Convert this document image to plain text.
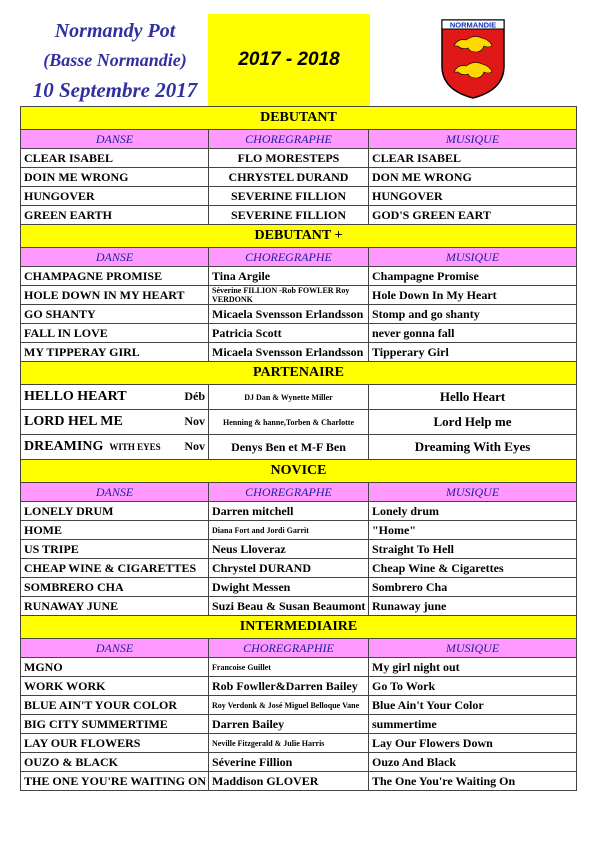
Normandy Pot
(Basse Normandie)
10 Septembre 2017
2017 - 2018
NORMANDIE
DEBUTANT		
DANSE	CHOREGRAPHE	MUSIQUE
CLEAR ISABEL	FLO MORESTEPS	CLEAR ISABEL
DOIN ME WRONG	CHRYSTEL DURAND	DON ME WRONG
HUNGOVER	SEVERINE FILLION	HUNGOVER
GREEN EARTH	SEVERINE FILLION	GOD'S GREEN EART
DEBUTANT +		
DANSE	CHOREGRAPHE	MUSIQUE
CHAMPAGNE PROMISE	Tina Argile	Champagne Promise
HOLE DOWN IN MY HEART	Séverine FILLION -Rob FOWLER Roy VERDONK	Hole Down In My Heart
GO SHANTY	Micaela Svensson Erlandsson	Stomp and go shanty
FALL IN LOVE	Patricia Scott	never gonna fall
MY TIPPERAY GIRL	Micaela Svensson Erlandsson	Tipperary Girl
PARTENAIRE		
HELLO HEART Déb	DJ Dan & Wynette Miller	Hello Heart
LORD HEL ME Nov	Henning & hanne,Torben & Charlotte	Lord Help me
DREAMING WITH EYES Nov	Denys Ben et M-F Ben	Dreaming With Eyes
NOVICE		
DANSE	CHOREGRAPHE	MUSIQUE
LONELY DRUM	Darren mitchell	Lonely drum
HOME	Diana Fort and Jordi Garrit	"Home"
US TRIPE	Neus Lloveraz	Straight To Hell
CHEAP WINE & CIGARETTES	Chrystel DURAND	Cheap Wine & Cigarettes
SOMBRERO CHA	Dwight Messen	Sombrero Cha
RUNAWAY JUNE	Suzi Beau & Susan Beaumont	Runaway june
INTERMEDIAIRE		
DANSE	CHOREGRAPHIE	MUSIQUE
MGNO	Francoise Guillet	My girl night out
WORK WORK	Rob Fowller&Darren Bailey	Go To Work
BLUE AIN'T YOUR COLOR	Roy Verdonk & José Miguel Belloque Vane	Blue Ain't Your Color
BIG CITY SUMMERTIME	Darren Bailey	summertime
LAY OUR FLOWERS	Neville Fitzgerald & Julie Harris	Lay Our Flowers Down
OUZO & BLACK	Séverine Fillion	Ouzo And Black
THE ONE YOU'RE WAITING ON	Maddison GLOVER	The One You're Waiting On
